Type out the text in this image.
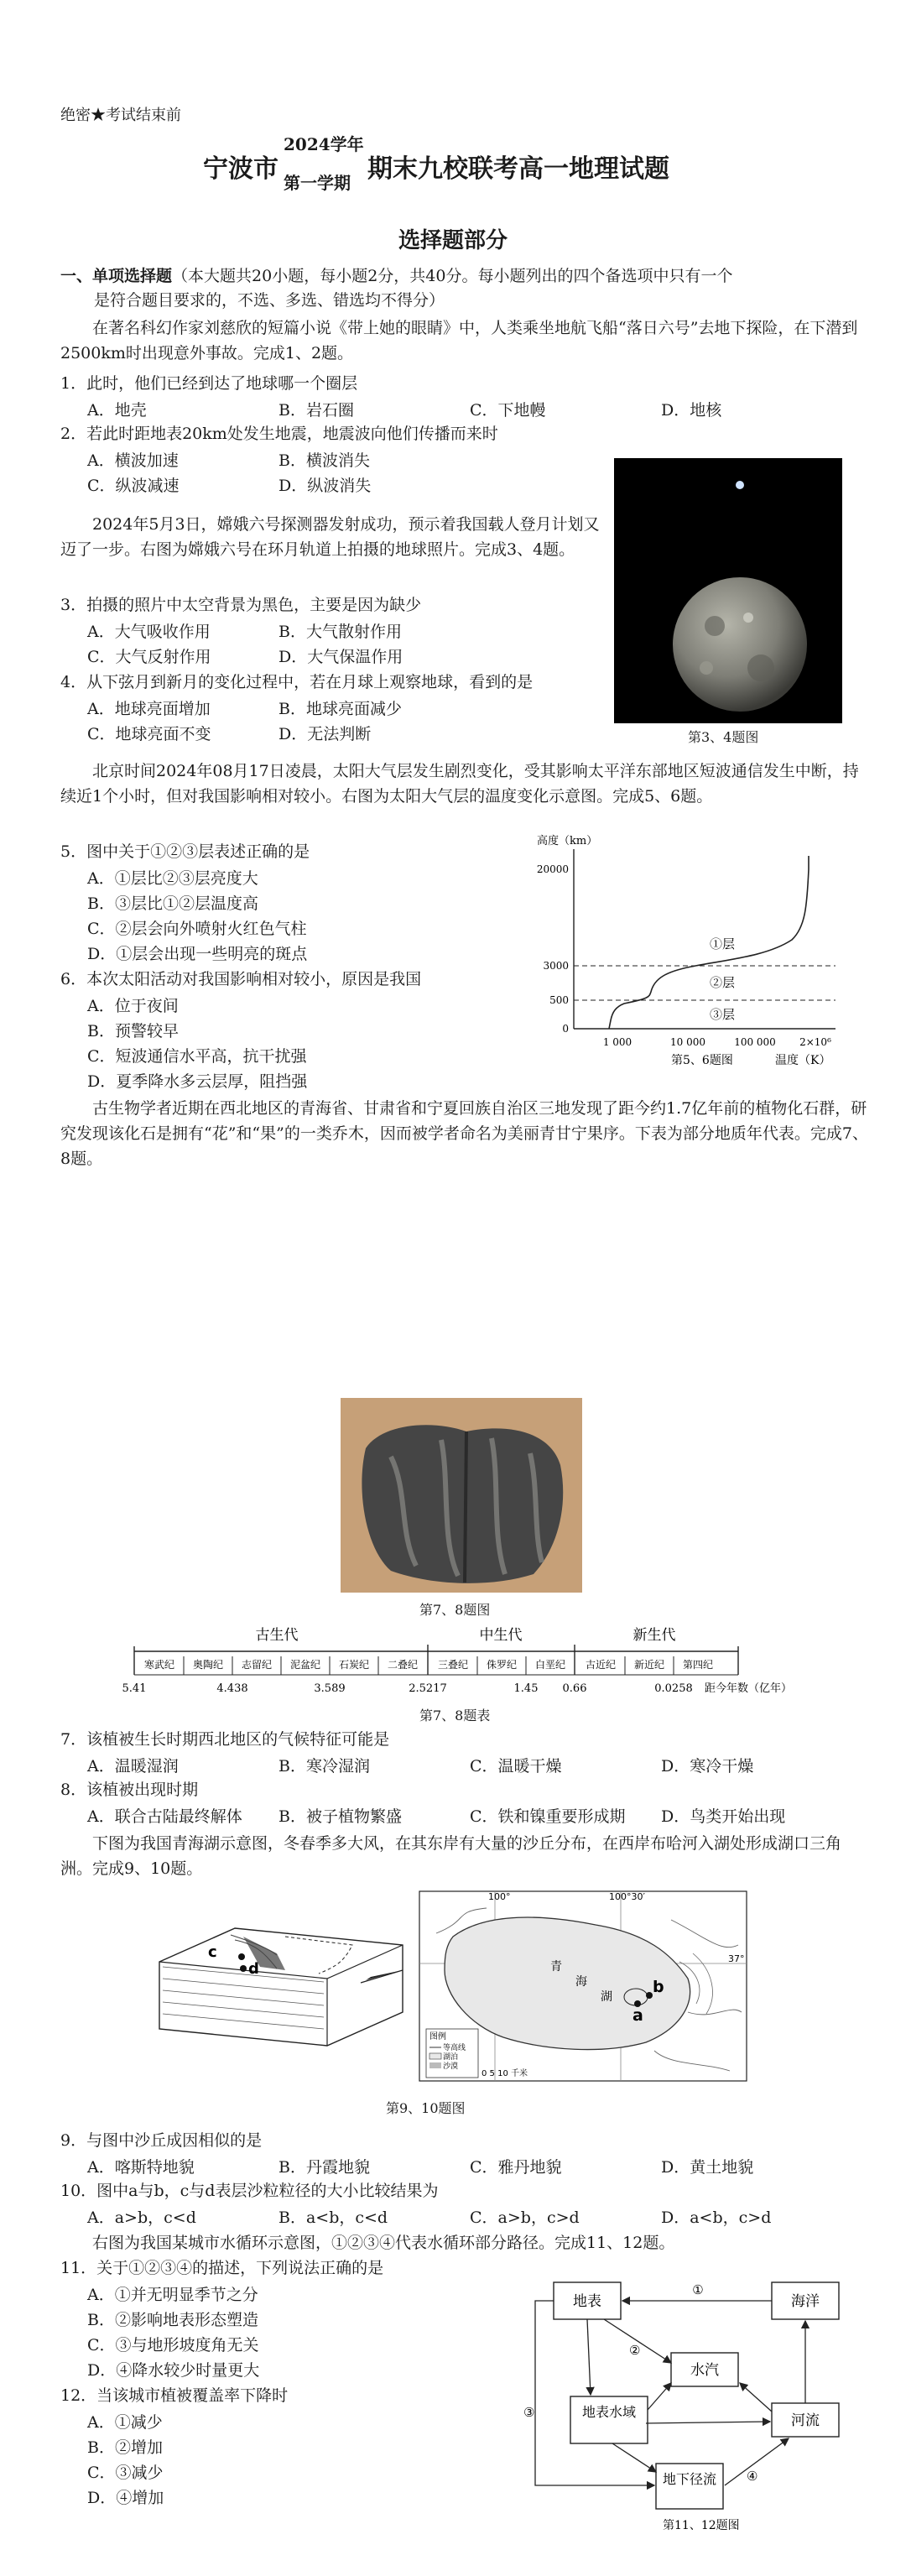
绝密★考试结束前
宁波市
2024学年
第一学期 期末九校联考高一地理试题
选择题部分
一、单项选择题（本大题共20小题，每小题2分，共40分。每小题列出的四个备选项中只有一个
是符合题目要求的，不选、多选、错选均不得分）
在著名科幻作家刘慈欣的短篇小说《带上她的眼睛》中，人类乘坐地航飞船“落日六号”去地下探险，在下潜到2500km时出现意外事故。完成1、2题。
1．此时，他们已经到达了地球哪一个圈层
A．地壳	B．岩石圈	C．下地幔	D．地核
2．若此时距地表20km处发生地震，地震波向他们传播而来时
A．横波加速	B．横波消失
C．纵波减速	D．纵波消失
第3、4题图
2024年5月3日，嫦娥六号探测器发射成功，预示着我国载人登月计划又迈了一步。右图为嫦娥六号在环月轨道上拍摄的地球照片。完成3、4题。
3．拍摄的照片中太空背景为黑色，主要是因为缺少
A．大气吸收作用	B．大气散射作用
C．大气反射作用	D．大气保温作用
4．从下弦月到新月的变化过程中，若在月球上观察地球，看到的是
A．地球亮面增加	B．地球亮面减少
C．地球亮面不变	D．无法判断
北京时间2024年08月17日凌晨，太阳大气层发生剧烈变化，受其影响太平洋东部地区短波通信发生中断，持续近1个小时，但对我国影响相对较小。右图为太阳大气层的温度变化示意图。完成5、6题。
5．图中关于①②③层表述正确的是
A．①层比②③层亮度大
B．③层比①②层温度高
C．②层会向外喷射火红色气柱
D．①层会出现一些明亮的斑点
6．本次太阳活动对我国影响相对较小，原因是我国
A．位于夜间
B．预警较早
C．短波通信水平高，抗干扰强
D．夏季降水多云层厚，阻挡强
高度（km）
20000
3000
500
0
①层
②层
③层
1 000	10 000	100 000 2×10⁶
温度（K）
第5、6题图
古生物学者近期在西北地区的青海省、甘肃省和宁夏回族自治区三地发现了距今约1.7亿年前的植物化石群，研究发现该化石是拥有“花”和“果”的一类乔木，因而被学者命名为美丽青甘宁果序。下表为部分地质年代表。完成7、8题。
第7、8题图
古生代	中生代	新生代
寒武纪 奥陶纪 志留纪 泥盆纪 石炭纪 二叠纪 三叠纪 侏罗纪 白垩纪 古近纪 新近纪 第四纪
5.41	4.438	3.589	2.5217	1.45 0.66	0.0258 距今年数（亿年）
第7、8题表
7．该植被生长时期西北地区的气候特征可能是
A．温暖湿润	B．寒冷湿润	C．温暖干燥	D．寒冷干燥
8．该植被出现时期
A．联合古陆最终解体 B．被子植物繁盛	C．铁和镍重要形成期 D．鸟类开始出现
下图为我国青海湖示意图，冬春季多大风，在其东岸有大量的沙丘分布，在西岸布哈河入湖处形成湖口三角洲。完成9、10题。
c
d
100°	100°30′
37°
青
海
湖
b
a
图例
等高线
湖泊
沙漠
0 5 10 千米
第9、10题图
9．与图中沙丘成因相似的是
A．喀斯特地貌	B．丹霞地貌	C．雅丹地貌	D．黄土地貌
10．图中a与b，c与d表层沙粒粒径的大小比较结果为
A．a>b，c<d	B．a<b，c<d	C．a>b，c>d	D．a<b，c>d
右图为我国某城市水循环示意图，①②③④代表水循环部分路径。完成11、12题。
11．关于①②③④的描述，下列说法正确的是
A．①并无明显季节之分
B．②影响地表形态塑造
C．③与地形坡度角无关
D．④降水较少时量更大
12．当该城市植被覆盖率下降时
A．①减少
B．②增加
C．③减少
D．④增加
地表	海洋
水汽
地表水域
河流
地下径流
①
②
③
④
第11、12题图
